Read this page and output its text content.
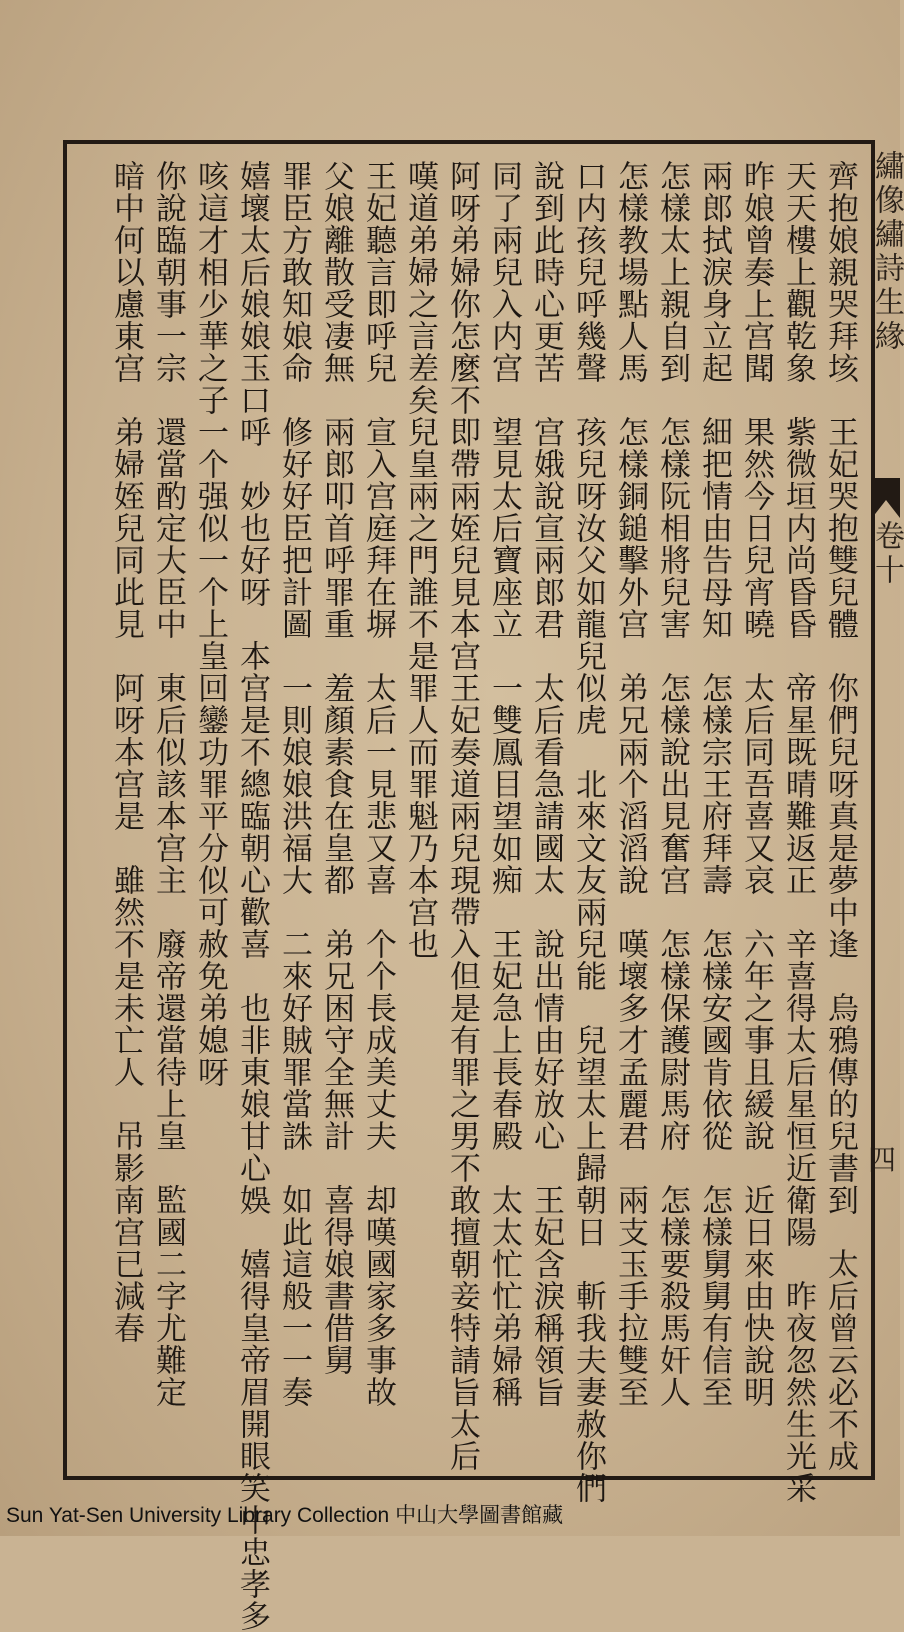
繡像繡詩生緣
卷十
四
齊抱娘親哭拜垓　王妃哭抱雙兒體　你們兒呀真是夢中逢　烏鴉傳的兒書到　太后曾云必不成
天天樓上觀乾象　紫微垣内尚昏昏　帝星既晴難返正　辛喜得太后星恒近衛陽　昨夜忽然生光采
昨娘曾奏上宫聞　果然今日兒宵曉　太后同吾喜又哀　六年之事且緩說　近日來由快說明
兩郎拭淚身立起　細把情由告母知　怎樣宗王府拜壽　怎樣安國肯依從　怎樣舅舅有信至
怎樣太上親自到　怎樣阮相將兒害　怎樣說出見奮宫　怎樣保護尉馬府　怎樣要殺馬奸人
怎樣教場點人馬　怎樣銅鎚擊外宫　弟兄兩个滔滔說　嘆壞多才孟麗君　兩支玉手拉雙至
口内孩兒呼幾聲　孩兒呀汝父如龍兒似虎　北來文友兩兒能　兒望太上歸朝日　斬我夫妻赦你們
說到此時心更苦　宫娥說宣兩郎君　太后看急請國太　說出情由好放心　王妃含淚稱領旨
同了兩兒入内宫　望見太后寶座立　一雙鳳目望如痴　王妃急上長春殿　太太忙忙弟婦稱
阿呀弟婦你怎麼不即帶兩姪兒見本宫王妃奏道兩兒現帶入但是有罪之男不敢擅朝妾特請旨太后
嘆道弟婦之言差矣兒皇兩之門誰不是罪人而罪魁乃本宫也
王妃聽言即呼兒　宣入宫庭拜在塀　太后一見悲又喜　个个長成美丈夫　却嘆國家多事故
父娘離散受凄無　兩郎叩首呼罪重　羞顏素食在皇都　弟兄困守全無計　喜得娘書借舅
罪臣方敢知娘命　修好好臣把計圖　一則娘娘洪福大　二來好賊罪當誅　如此這般一一奏
嬉壞太后娘娘玉口呼　妙也好呀　本宫是不總臨朝心歡喜　也非東娘甘心娛　嬉得皇帝眉開眼笑中忠孝多
咳這才相少華之子一个强似一个上皇回鑾功罪平分似可赦免弟媳呀
你說臨朝事一宗　還當酌定大臣中　東后似該本宫主　廢帝還當待上皇　監國二字尤難定
暗中何以慮東宫　弟婦姪兒同此見　阿呀本宫是　雖然不是未亡人　吊影南宫已減春
Sun Yat-Sen University Library Collection 中山大學圖書館藏
